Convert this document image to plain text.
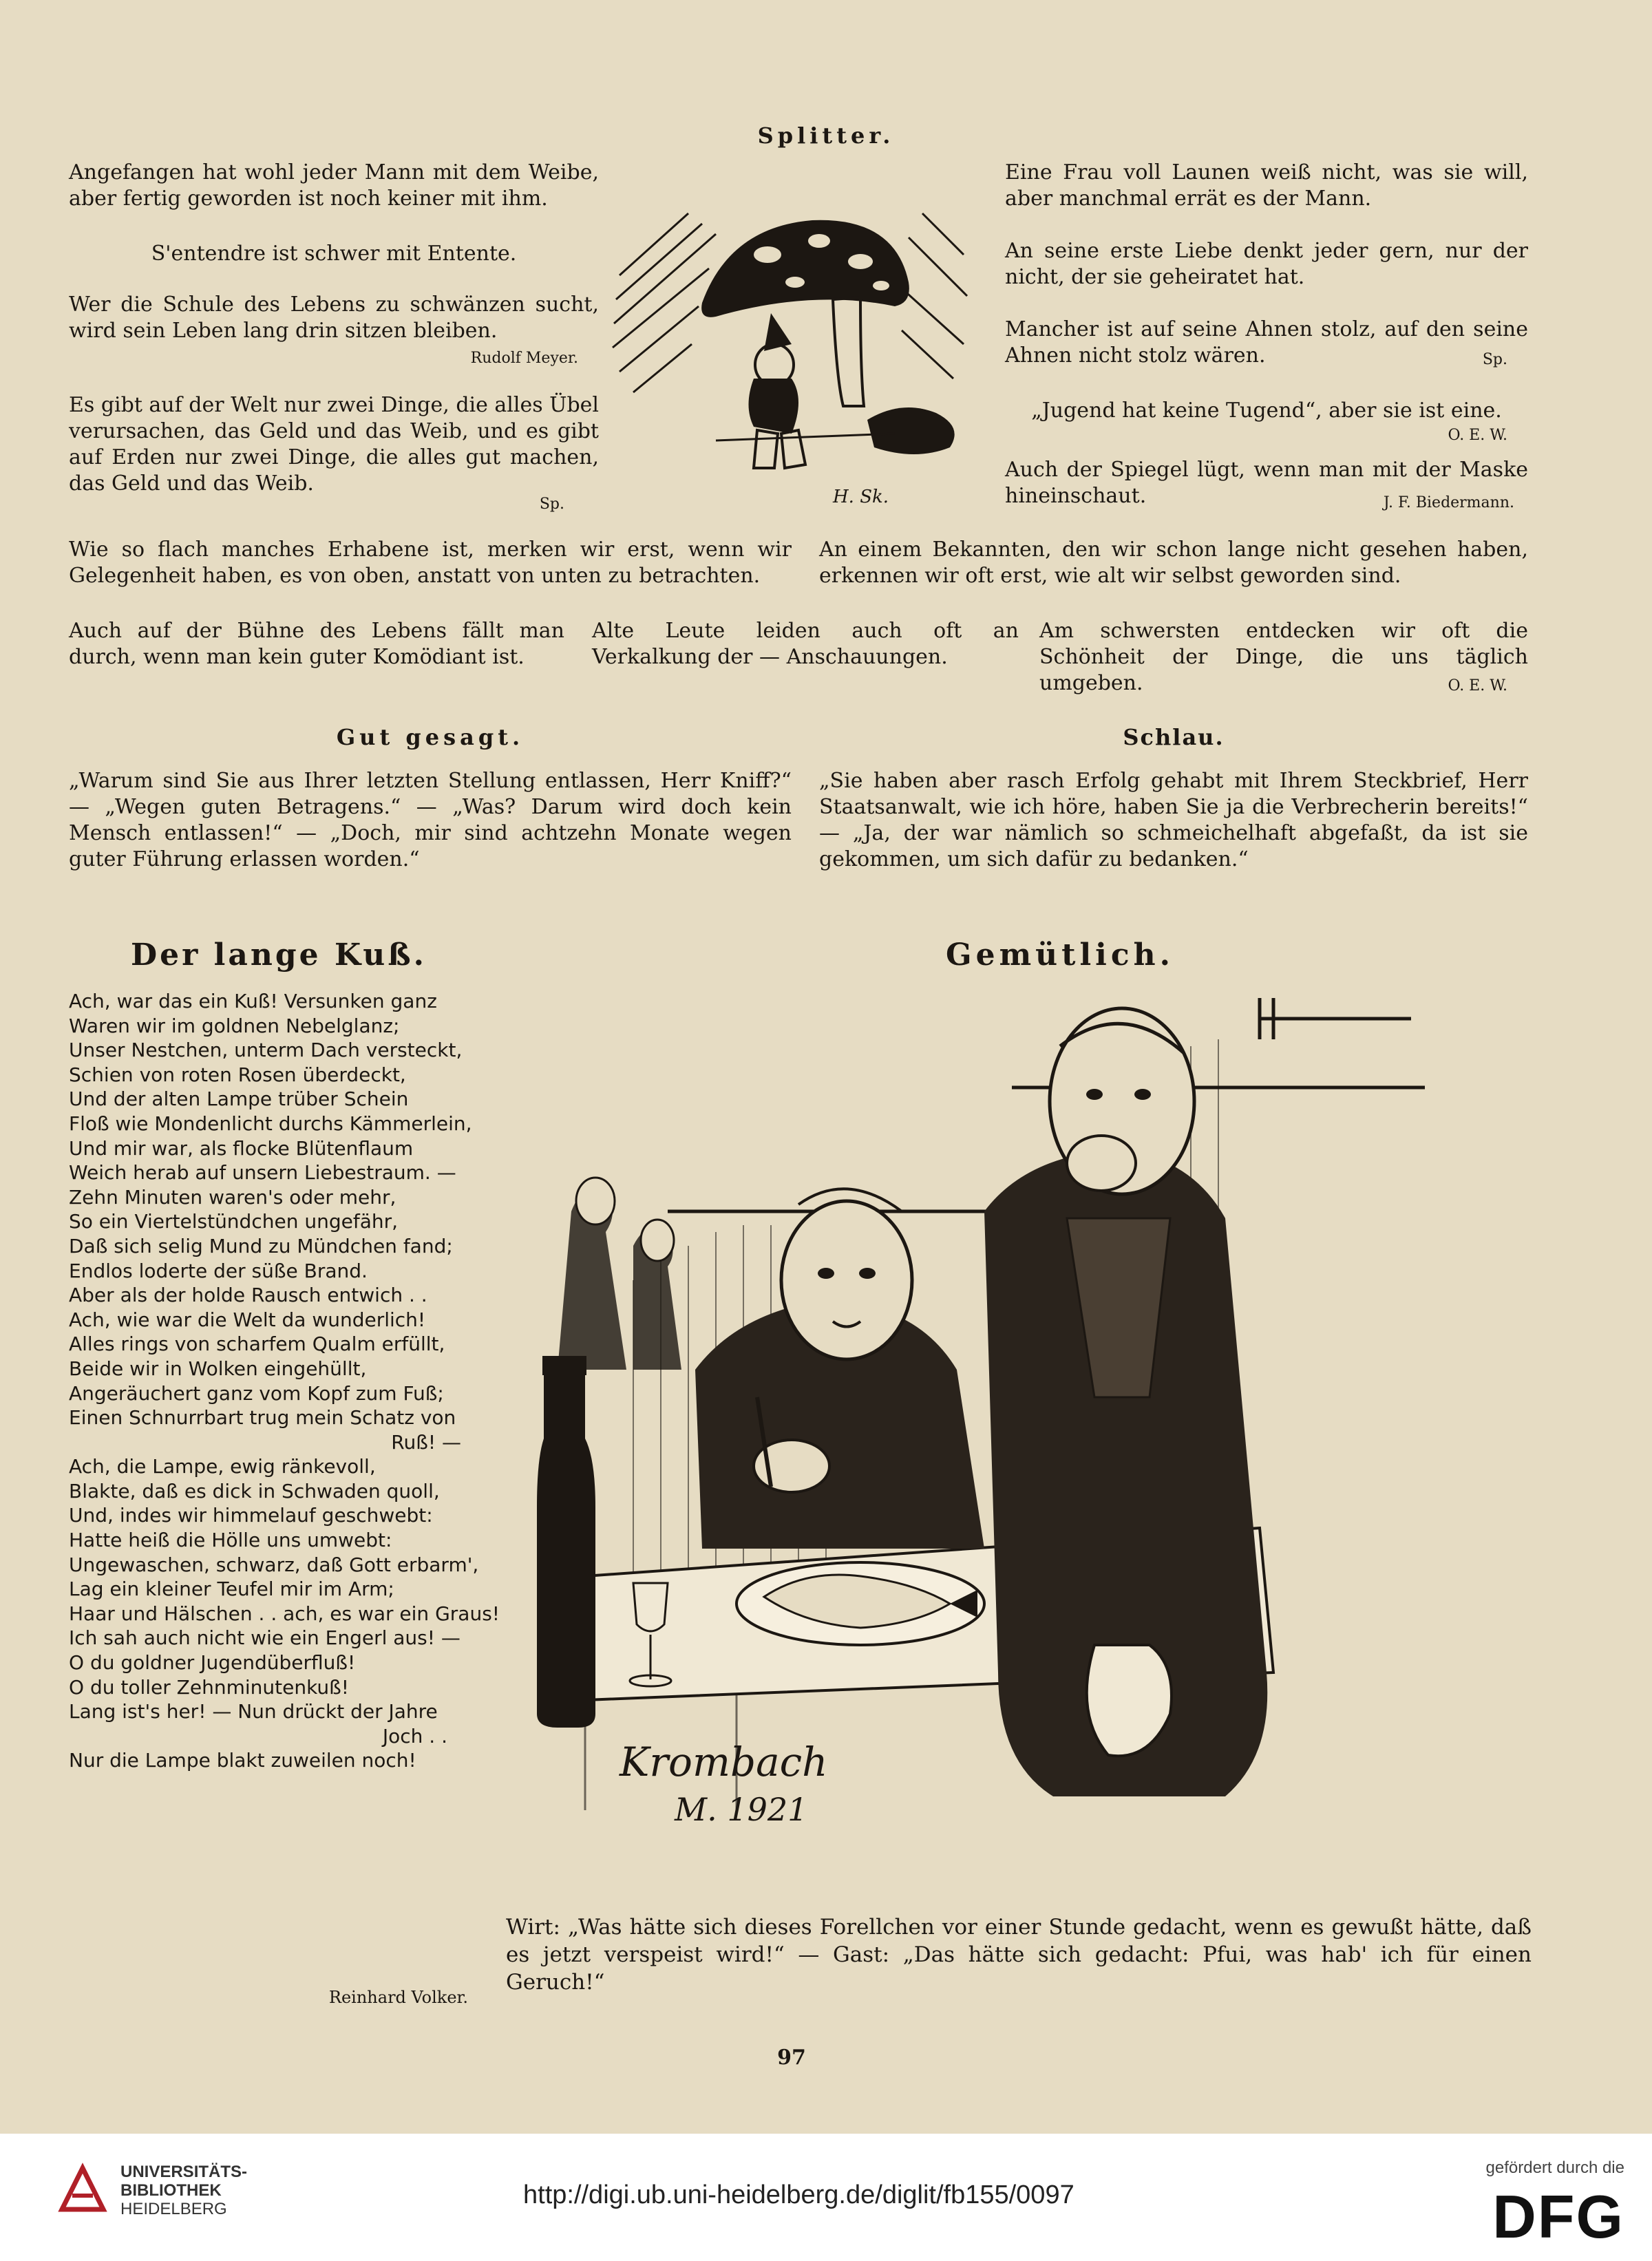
Splitter.
Angefangen hat wohl jeder Mann mit dem Weibe, aber fertig geworden ist noch keiner mit ihm.
S'entendre ist schwer mit Entente.
Wer die Schule des Lebens zu schwänzen sucht, wird sein Leben lang drin sitzen bleiben.
Rudolf Meyer.
Es gibt auf der Welt nur zwei Dinge, die alles Übel verursachen, das Geld und das Weib, und es gibt auf Erden nur zwei Dinge, die alles gut machen, das Geld und das Weib.
Sp.	H. Sk.
Eine Frau voll Launen weiß nicht, was sie will, aber manchmal errät es der Mann.
An seine erste Liebe denkt jeder gern, nur der nicht, der sie geheiratet hat.
Mancher ist auf seine Ahnen stolz, auf den seine Ahnen nicht stolz wären.	Sp.
„Jugend hat keine Tugend“, aber sie ist eine.
O. E. W.
Auch der Spiegel lügt, wenn man mit der Maske hineinschaut.	J. F. Biedermann.
Wie so flach manches Erhabene ist, merken wir erst, wenn wir Gelegenheit haben, es von oben, anstatt von unten zu betrachten.
An einem Bekannten, den wir schon lange nicht gesehen haben, erkennen wir oft erst, wie alt wir selbst geworden sind.
Auch auf der Bühne des Lebens fällt man durch, wenn man kein guter Komödiant ist.
Alte Leute leiden auch oft an Verkalkung der — Anschauungen.
Am schwersten entdecken wir oft die Schönheit der Dinge, die uns täglich umgeben.	O. E. W.
Gut gesagt.
„Warum sind Sie aus Ihrer letzten Stellung entlassen, Herr Kniff?“ — „Wegen guten Betragens.“ — „Was? Darum wird doch kein Mensch entlassen!“ — „Doch, mir sind achtzehn Monate wegen guter Führung erlassen worden.“
Schlau.
„Sie haben aber rasch Erfolg gehabt mit Ihrem Steckbrief, Herr Staatsanwalt, wie ich höre, haben Sie ja die Verbrecherin bereits!“ — „Ja, der war nämlich so schmeichelhaft abgefaßt, da ist sie gekommen, um sich dafür zu bedanken.“
Der lange Kuß.
Ach, war das ein Kuß! Versunken ganz
Waren wir im goldnen Nebelglanz;
Unser Nestchen, unterm Dach versteckt,
Schien von roten Rosen überdeckt,
Und der alten Lampe trüber Schein
Floß wie Mondenlicht durchs Kämmerlein,
Und mir war, als flocke Blütenflaum
Weich herab auf unsern Liebestraum. —
Zehn Minuten waren's oder mehr,
So ein Viertelstündchen ungefähr,
Daß sich selig Mund zu Mündchen fand;
Endlos loderte der süße Brand.
Aber als der holde Rausch entwich . .
Ach, wie war die Welt da wunderlich!
Alles rings von scharfem Qualm erfüllt,
Beide wir in Wolken eingehüllt,
Angeräuchert ganz vom Kopf zum Fuß;
Einen Schnurrbart trug mein Schatz von
Ruß! —
Ach, die Lampe, ewig ränkevoll,
Blakte, daß es dick in Schwaden quoll,
Und, indes wir himmelauf geschwebt:
Hatte heiß die Hölle uns umwebt:
Ungewaschen, schwarz, daß Gott erbarm',
Lag ein kleiner Teufel mir im Arm;
Haar und Hälschen . . ach, es war ein Graus!
Ich sah auch nicht wie ein Engerl aus! —
O du goldner Jugendüberfluß!
O du toller Zehnminutenkuß!
Lang ist's her! — Nun drückt der Jahre
Joch . .
Nur die Lampe blakt zuweilen noch!
Reinhard Volker.
Gemütlich.
Krombach
M. 1921
Wirt: „Was hätte sich dieses Forellchen vor einer Stunde gedacht, wenn es gewußt hätte, daß es jetzt verspeist wird!“ — Gast: „Das hätte sich gedacht: Pfui, was hab' ich für einen Geruch!“
97
UNIVERSITÄTS-
BIBLIOTHEK
HEIDELBERG	http://digi.ub.uni-heidelberg.de/diglit/fb155/0097
gefördert durch die
DFG
